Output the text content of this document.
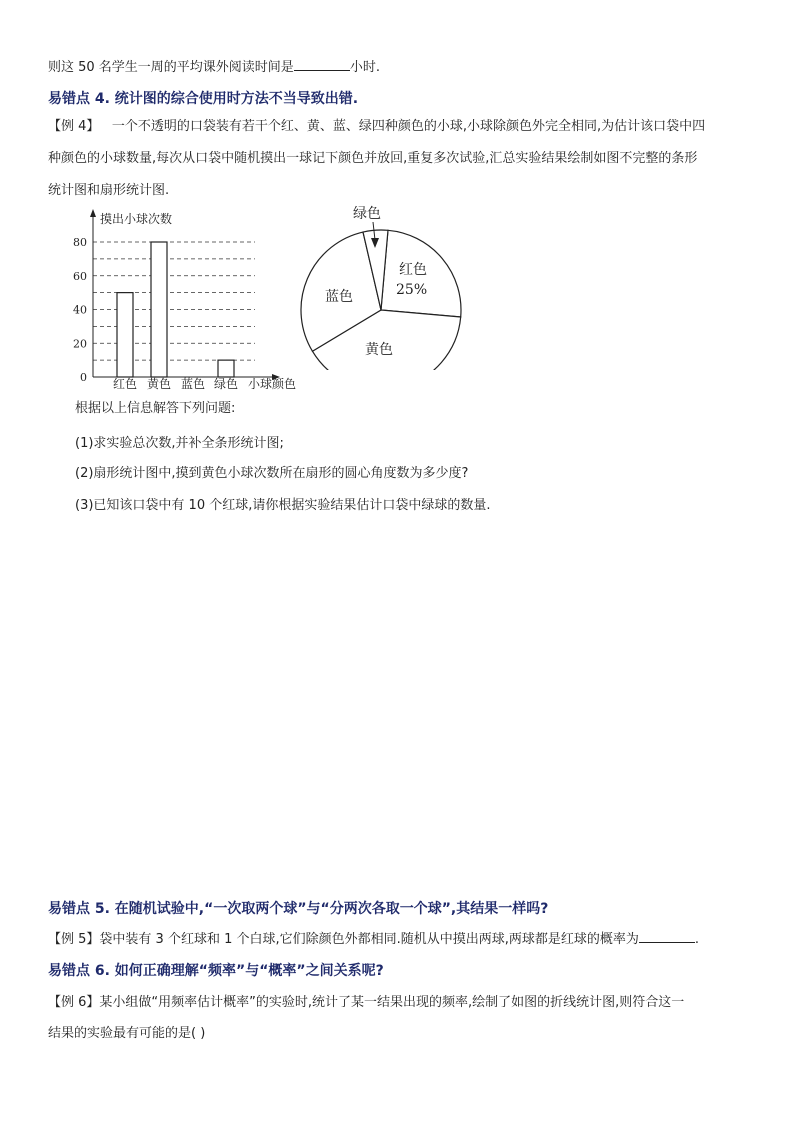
则这 50 名学生一周的平均课外阅读时间是	小时.
易错点 4. 统计图的综合使用时方法不当导致出错.
【例 4】 一个不透明的口袋装有若干个红、黄、蓝、绿四种颜色的小球,小球除颜色外完全相同,为估计该口袋中四
种颜色的小球数量,每次从口袋中随机摸出一球记下颜色并放回,重复多次试验,汇总实验结果绘制如图不完整的条形
统计图和扇形统计图.
摸出小球次数
0
20
40
60
80
红色 黄色 蓝色 绿色 小球颜色
绿色
红色
25%
蓝色
黄色
根据以上信息解答下列问题:
(1)求实验总次数,并补全条形统计图;
(2)扇形统计图中,摸到黄色小球次数所在扇形的圆心角度数为多少度?
(3)已知该口袋中有 10 个红球,请你根据实验结果估计口袋中绿球的数量.
易错点 5. 在随机试验中,“一次取两个球”与“分两次各取一个球”,其结果一样吗?
【例 5】袋中装有 3 个红球和 1 个白球,它们除颜色外都相同.随机从中摸出两球,两球都是红球的概率为	.
易错点 6. 如何正确理解“频率”与“概率”之间关系呢?
【例 6】某小组做“用频率估计概率”的实验时,统计了某一结果出现的频率,绘制了如图的折线统计图,则符合这一
结果的实验最有可能的是( )
